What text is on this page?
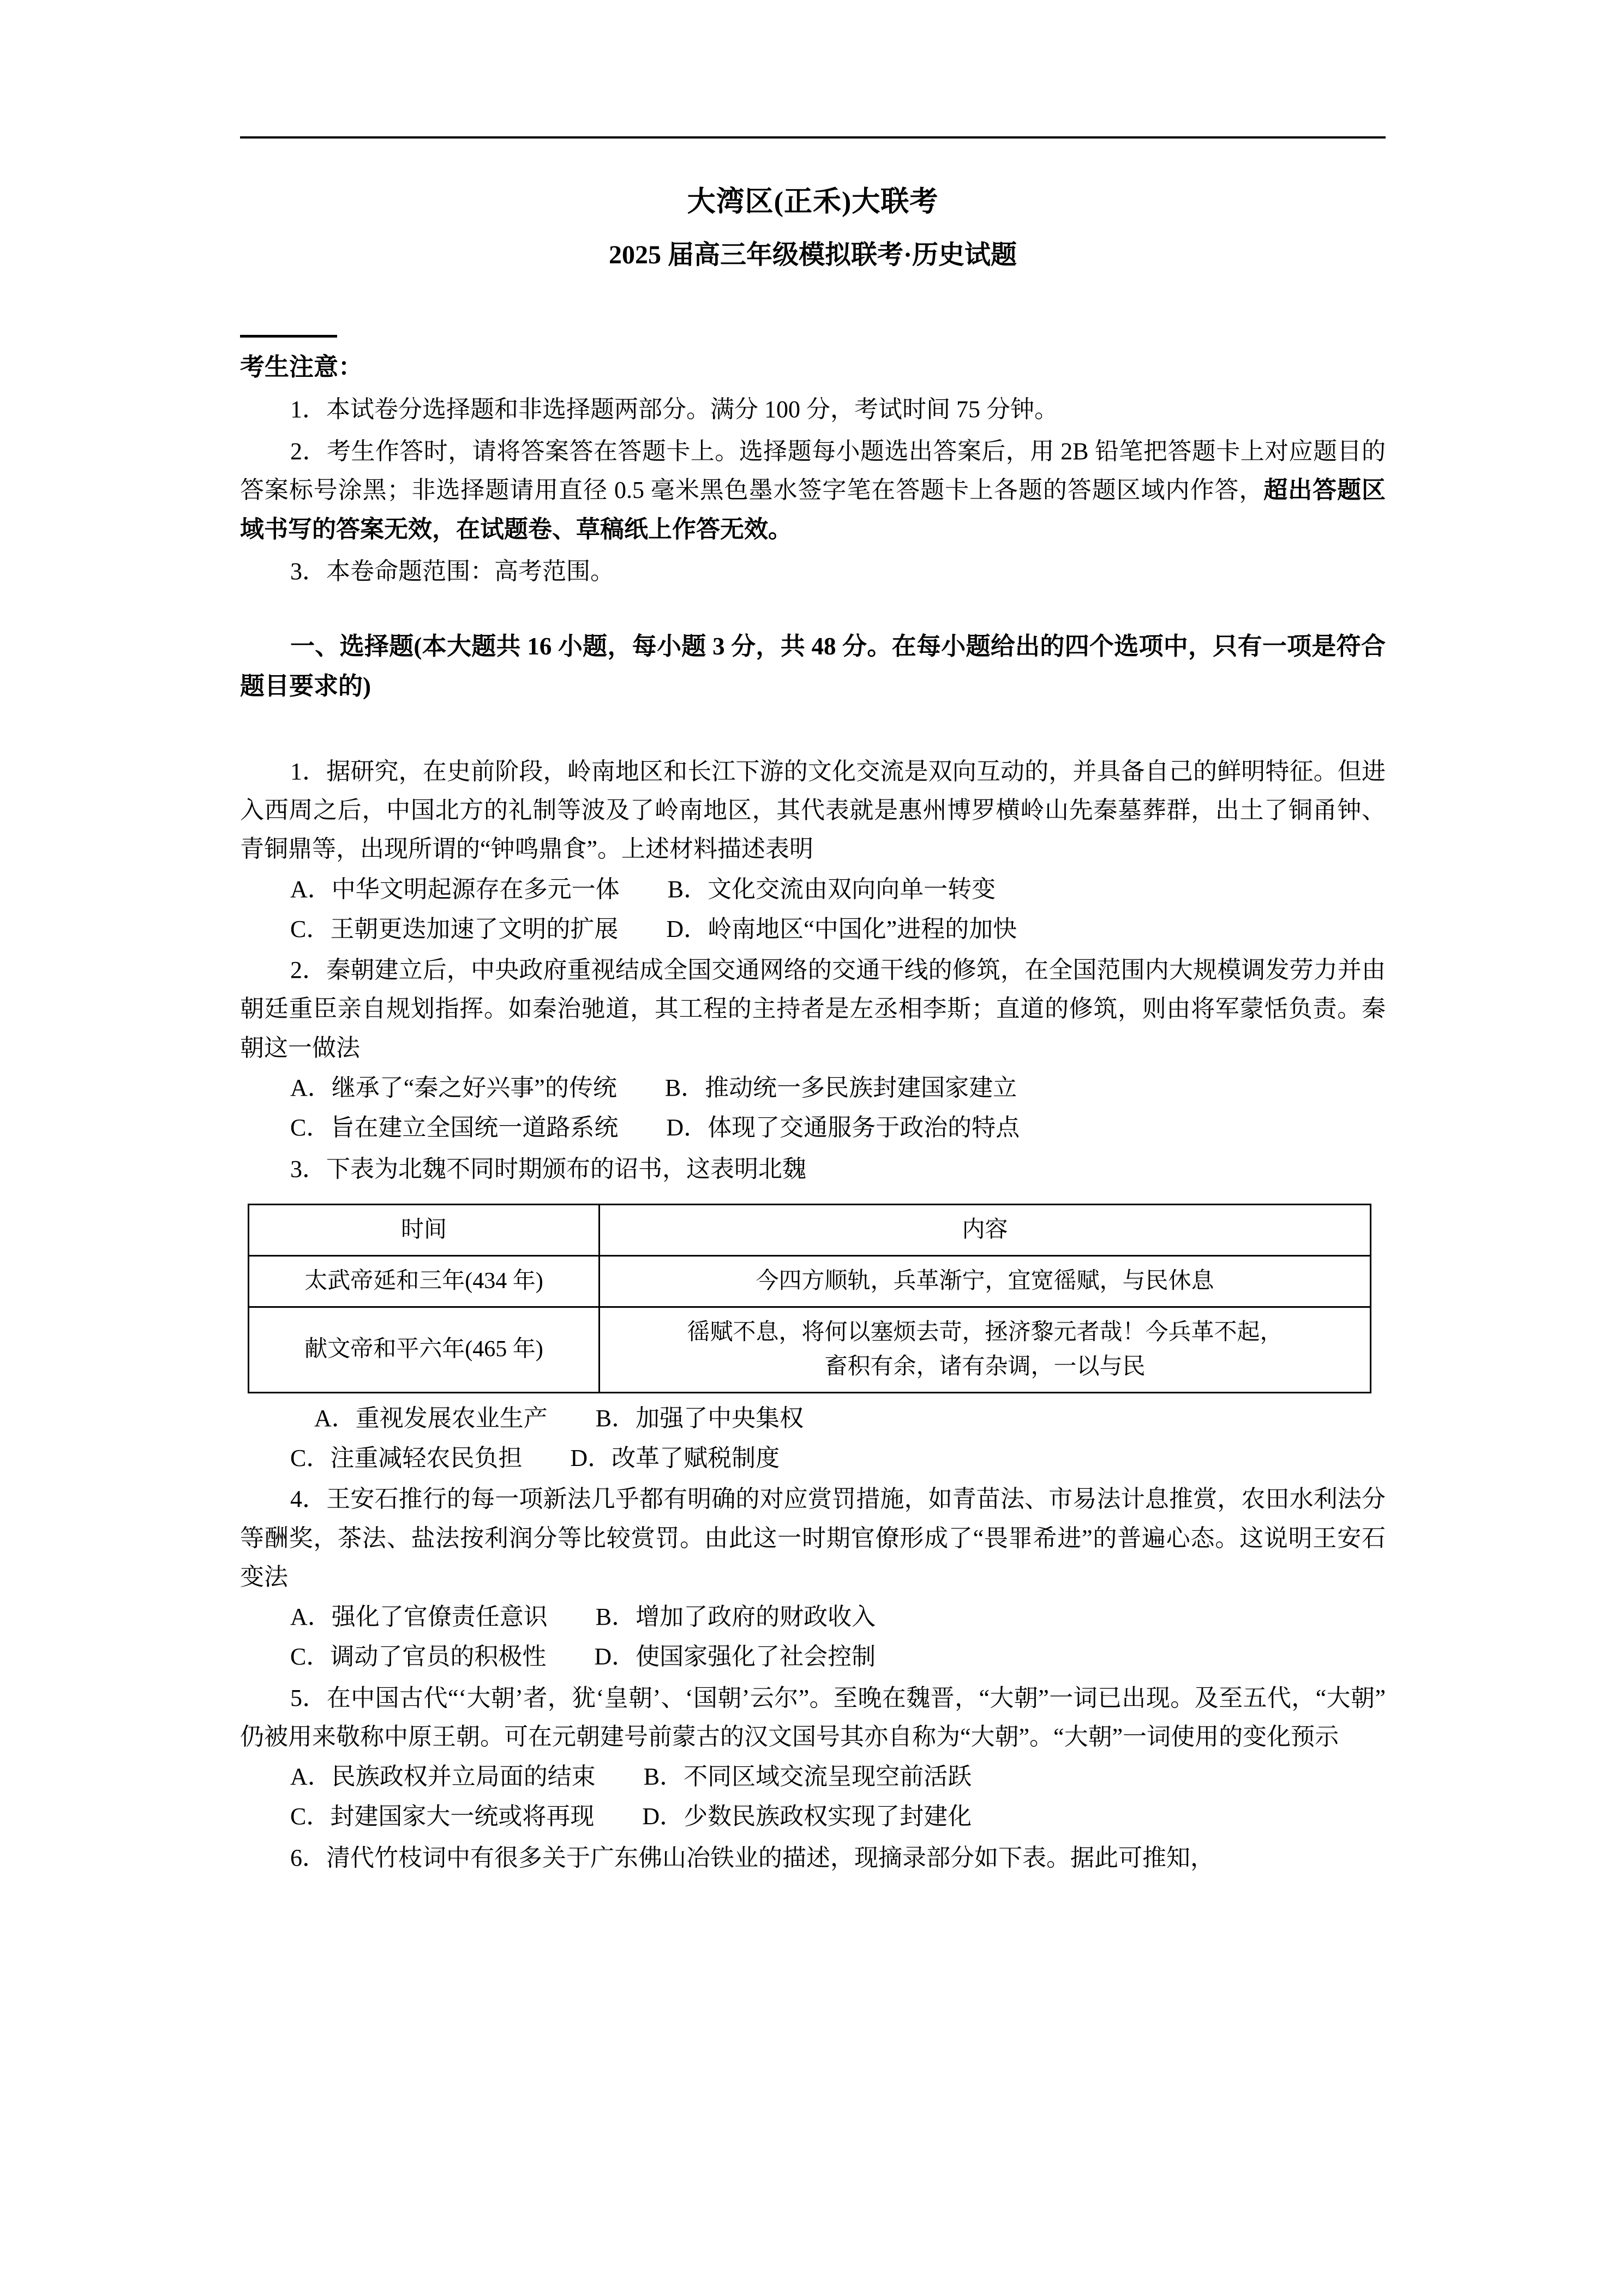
大湾区(正禾)大联考
2025 届高三年级模拟联考·历史试题
考生注意：

1．本试卷分选择题和非选择题两部分。满分 100 分，考试时间 75 分钟。

2．考生作答时，请将答案答在答题卡上。选择题每小题选出答案后，用 2B 铅笔把答题卡上对应题目的答案标号涂黑；非选择题请用直径 0.5 毫米黑色墨水签字笔在答题卡上各题的答题区域内作答，超出答题区域书写的答案无效，在试题卷、草稿纸上作答无效。

3．本卷命题范围：高考范围。

一、选择题(本大题共 16 小题，每小题 3 分，共 48 分。在每小题给出的四个选项中，只有一项是符合题目要求的)

1．据研究，在史前阶段，岭南地区和长江下游的文化交流是双向互动的，并具备自己的鲜明特征。但进入西周之后，中国北方的礼制等波及了岭南地区，其代表就是惠州博罗横岭山先秦墓葬群，出土了铜甬钟、青铜鼎等，出现所谓的“钟鸣鼎食”。上述材料描述表明

A．中华文明起源存在多元一体　　B．文化交流由双向向单一转变

C．王朝更迭加速了文明的扩展　　D．岭南地区“中国化”进程的加快

2．秦朝建立后，中央政府重视结成全国交通网络的交通干线的修筑，在全国范围内大规模调发劳力并由朝廷重臣亲自规划指挥。如秦治驰道，其工程的主持者是左丞相李斯；直道的修筑，则由将军蒙恬负责。秦朝这一做法

A．继承了“秦之好兴事”的传统　　B．推动统一多民族封建国家建立

C．旨在建立全国统一道路系统　　D．体现了交通服务于政治的特点

3．下表为北魏不同时期颁布的诏书，这表明北魏

时间	内容
太武帝延和三年(434 年)	今四方顺轨，兵革渐宁，宜宽徭赋，与民休息
献文帝和平六年(465 年)	徭赋不息，将何以塞烦去苛，拯济黎元者哉！今兵革不起，
畜积有余，诸有杂调，一以与民

　A．重视发展农业生产　　B．加强了中央集权

C．注重减轻农民负担　　D．改革了赋税制度

4．王安石推行的每一项新法几乎都有明确的对应赏罚措施，如青苗法、市易法计息推赏，农田水利法分等酬奖，茶法、盐法按利润分等比较赏罚。由此这一时期官僚形成了“畏罪希进”的普遍心态。这说明王安石变法

A．强化了官僚责任意识　　B．增加了政府的财政收入

C．调动了官员的积极性　　D．使国家强化了社会控制

5．在中国古代“‘大朝’者，犹‘皇朝’、‘国朝’云尔”。至晚在魏晋，“大朝”一词已出现。及至五代，“大朝”仍被用来敬称中原王朝。可在元朝建号前蒙古的汉文国号其亦自称为“大朝”。“大朝”一词使用的变化预示

A．民族政权并立局面的结束　　B．不同区域交流呈现空前活跃

C．封建国家大一统或将再现　　D．少数民族政权实现了封建化

6．清代竹枝词中有很多关于广东佛山冶铁业的描述，现摘录部分如下表。据此可推知，
